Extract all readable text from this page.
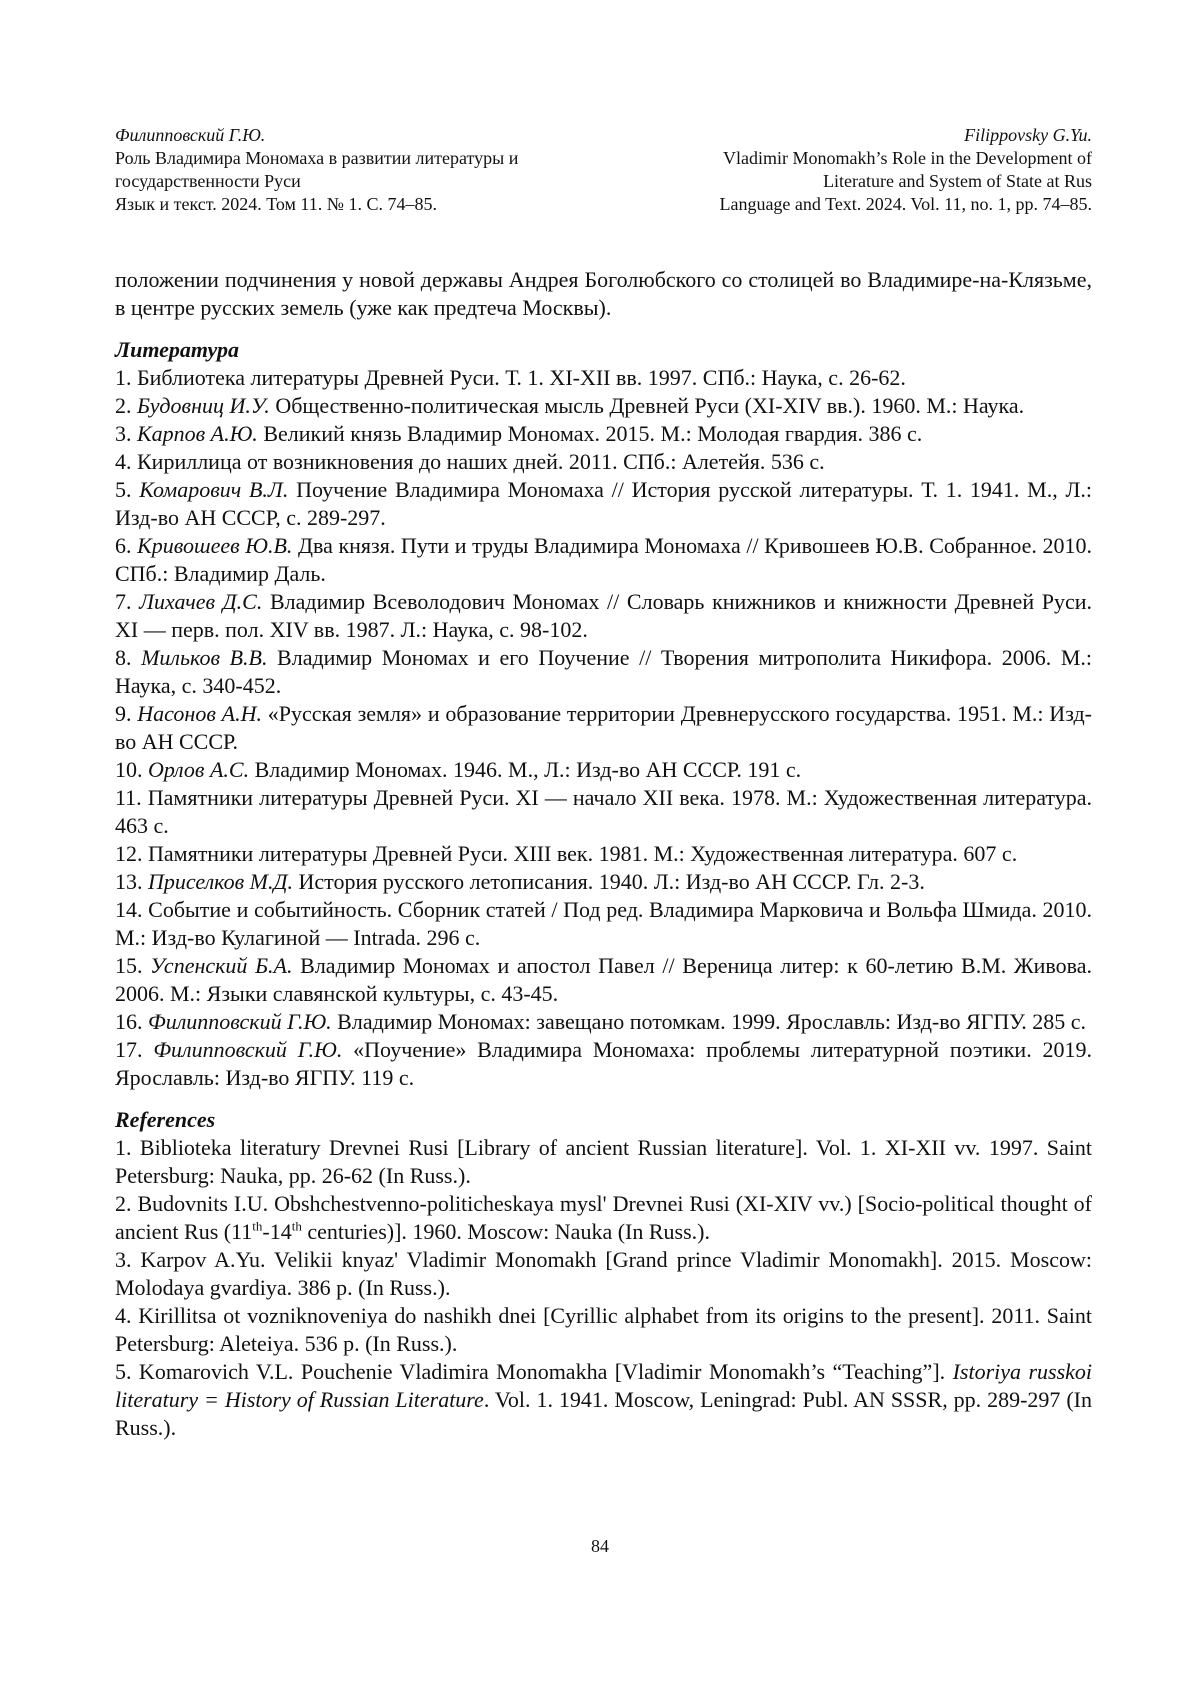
Филипповский Г.Ю.
Роль Владимира Мономаха в развитии литературы и
государственности Руси
Язык и текст. 2024. Том 11. № 1. С. 74–85.
Filippovsky G.Yu.
Vladimir Monomakh’s Role in the Development of
Literature and System of State at Rus
Language and Text. 2024. Vol. 11, no. 1, pp. 74–85.

положении подчинения у новой державы Андрея Боголюбского со столицей во Владимире-на-Клязьме, в центре русских земель (уже как предтеча Москвы).

Литература

1. Библиотека литературы Древней Руси. Т. 1. XI-XII вв. 1997. СПб.: Наука, с. 26-62.

2. Будовниц И.У. Общественно-политическая мысль Древней Руси (XI-XIV вв.). 1960. М.: Наука.

3. Карпов А.Ю. Великий князь Владимир Мономах. 2015. М.: Молодая гвардия. 386 с.

4. Кириллица от возникновения до наших дней. 2011. СПб.: Алетейя. 536 с.

5. Комарович В.Л. Поучение Владимира Мономаха // История русской литературы. Т. 1. 1941. М., Л.: Изд-во АН СССР, с. 289-297.

6. Кривошеев Ю.В. Два князя. Пути и труды Владимира Мономаха // Кривошеев Ю.В. Собранное. 2010. СПб.: Владимир Даль.

7. Лихачев Д.С. Владимир Всеволодович Мономах // Словарь книжников и книжности Древней Руси. XI — перв. пол. XIV вв. 1987. Л.: Наука, с. 98-102.

8. Мильков В.В. Владимир Мономах и его Поучение // Творения митрополита Никифора. 2006. М.: Наука, с. 340-452.

9. Насонов А.Н. «Русская земля» и образование территории Древнерусского государства. 1951. М.: Изд-во АН СССР.

10. Орлов А.С. Владимир Мономах. 1946. М., Л.: Изд-во АН СССР. 191 с.

11. Памятники литературы Древней Руси. XI — начало XII века. 1978. М.: Художественная литература. 463 с.

12. Памятники литературы Древней Руси. XIII век. 1981. М.: Художественная литература. 607 с.

13. Приселков М.Д. История русского летописания. 1940. Л.: Изд-во АН СССР. Гл. 2-3.

14. Событие и событийность. Сборник статей / Под ред. Владимира Марковича и Вольфа Шмида. 2010. М.: Изд-во Кулагиной — Intrada. 296 с.

15. Успенский Б.А. Владимир Мономах и апостол Павел // Вереница литер: к 60-летию В.М. Живова. 2006. М.: Языки славянской культуры, с. 43-45.

16. Филипповский Г.Ю. Владимир Мономах: завещано потомкам. 1999. Ярославль: Изд-во ЯГПУ. 285 с.

17. Филипповский Г.Ю. «Поучение» Владимира Мономаха: проблемы литературной поэтики. 2019. Ярославль: Изд-во ЯГПУ. 119 с.

References

1. Biblioteka literatury Drevnei Rusi [Library of ancient Russian literature]. Vol. 1. XI-XII vv. 1997. Saint Petersburg: Nauka, pp. 26-62 (In Russ.).

2. Budovnits I.U. Obshchestvenno-politicheskaya mysl' Drevnei Rusi (XI-XIV vv.) [Socio-political thought of ancient Rus (11th-14th centuries)]. 1960. Moscow: Nauka (In Russ.).

3. Karpov A.Yu. Velikii knyaz' Vladimir Monomakh [Grand prince Vladimir Monomakh]. 2015. Moscow: Molodaya gvardiya. 386 p. (In Russ.).

4. Kirillitsa ot vozniknoveniya do nashikh dnei [Cyrillic alphabet from its origins to the present]. 2011. Saint Petersburg: Aleteiya. 536 p. (In Russ.).

5. Komarovich V.L. Pouchenie Vladimira Monomakha [Vladimir Monomakh’s “Teaching”]. Istoriya russkoi literatury = History of Russian Literature. Vol. 1. 1941. Moscow, Leningrad: Publ. AN SSSR, pp. 289-297 (In Russ.).

84
